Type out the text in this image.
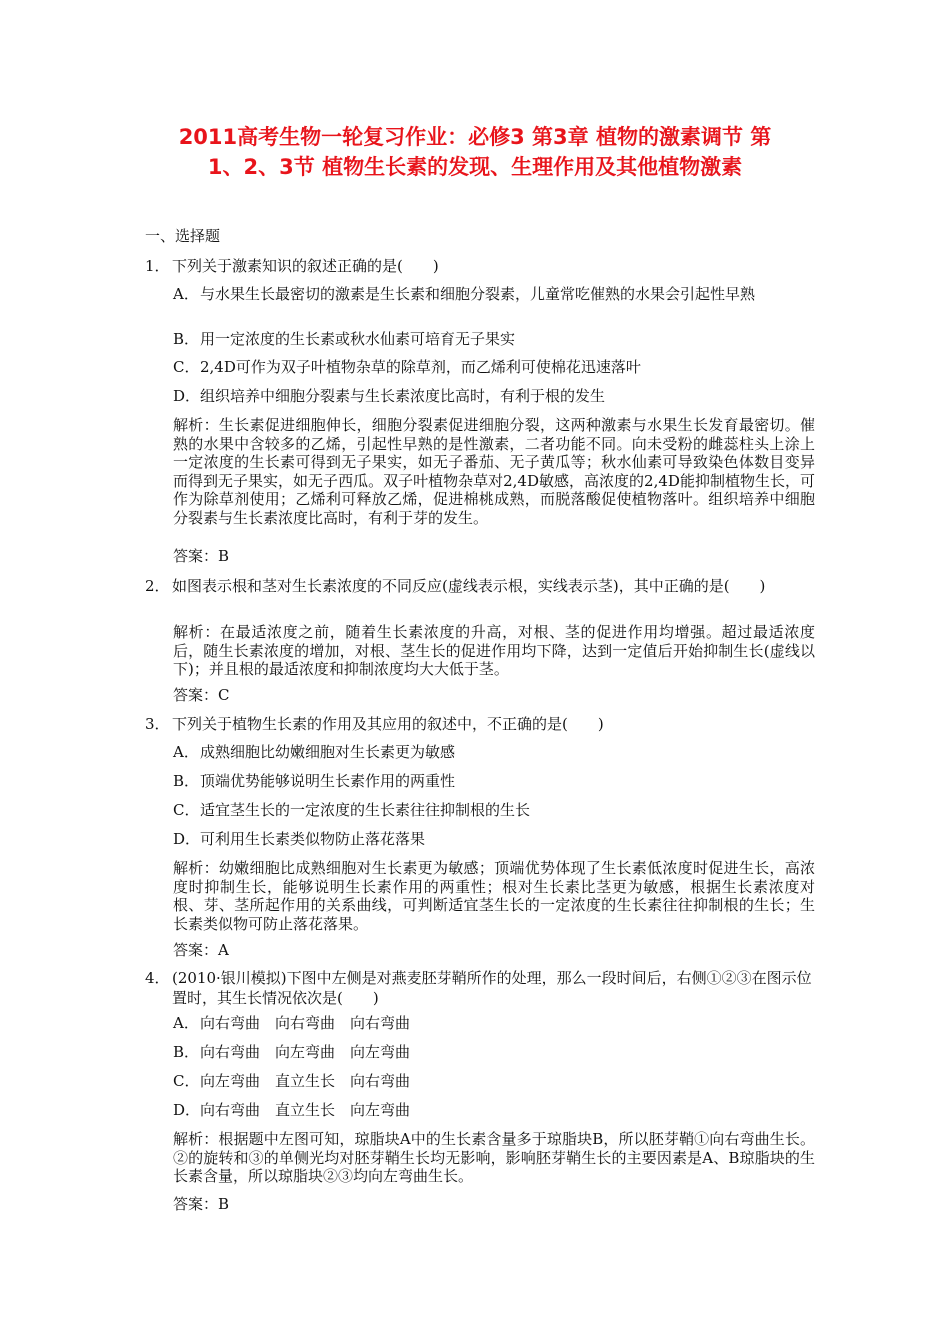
2011高考生物一轮复习作业：必修3 第3章 植物的激素调节 第
1、2、3节 植物生长素的发现、生理作用及其他植物激素
一、选择题
1． 下列关于激素知识的叙述正确的是(　　)
A． 与水果生长最密切的激素是生长素和细胞分裂素，儿童常吃催熟的水果会引起性早熟
B． 用一定浓度的生长素或秋水仙素可培育无子果实
C． 2,4D可作为双子叶植物杂草的除草剂，而乙烯利可使棉花迅速落叶
D． 组织培养中细胞分裂素与生长素浓度比高时，有利于根的发生
解析：生长素促进细胞伸长，细胞分裂素促进细胞分裂，这两种激素与水果生长发育最密切。催熟的水果中含较多的乙烯，引起性早熟的是性激素，二者功能不同。向未受粉的雌蕊柱头上涂上一定浓度的生长素可得到无子果实，如无子番茄、无子黄瓜等；秋水仙素可导致染色体数目变异而得到无子果实，如无子西瓜。双子叶植物杂草对2,4D敏感，高浓度的2,4D能抑制植物生长，可作为除草剂使用；乙烯利可释放乙烯，促进棉桃成熟，而脱落酸促使植物落叶。组织培养中细胞分裂素与生长素浓度比高时，有利于芽的发生。
答案：B
2． 如图表示根和茎对生长素浓度的不同反应(虚线表示根，实线表示茎)，其中正确的是(　　)
解析：在最适浓度之前，随着生长素浓度的升高，对根、茎的促进作用均增强。超过最适浓度后，随生长素浓度的增加，对根、茎生长的促进作用均下降，达到一定值后开始抑制生长(虚线以下)；并且根的最适浓度和抑制浓度均大大低于茎。
答案：C
3． 下列关于植物生长素的作用及其应用的叙述中，不正确的是(　　)
A． 成熟细胞比幼嫩细胞对生长素更为敏感
B． 顶端优势能够说明生长素作用的两重性
C． 适宜茎生长的一定浓度的生长素往往抑制根的生长
D． 可利用生长素类似物防止落花落果
解析：幼嫩细胞比成熟细胞对生长素更为敏感；顶端优势体现了生长素低浓度时促进生长，高浓度时抑制生长，能够说明生长素作用的两重性；根对生长素比茎更为敏感，根据生长素浓度对根、芽、茎所起作用的关系曲线，可判断适宜茎生长的一定浓度的生长素往往抑制根的生长；生长素类似物可防止落花落果。
答案：A
4． (2010·银川模拟)下图中左侧是对燕麦胚芽鞘所作的处理，那么一段时间后，右侧①②③在图示位置时，其生长情况依次是(　　)
A． 向右弯曲　向右弯曲　向右弯曲
B． 向右弯曲　向左弯曲　向左弯曲
C． 向左弯曲　直立生长　向右弯曲
D． 向右弯曲　直立生长　向左弯曲
解析：根据题中左图可知，琼脂块A中的生长素含量多于琼脂块B，所以胚芽鞘①向右弯曲生长。②的旋转和③的单侧光均对胚芽鞘生长均无影响，影响胚芽鞘生长的主要因素是A、B琼脂块的生长素含量，所以琼脂块②③均向左弯曲生长。
答案：B
